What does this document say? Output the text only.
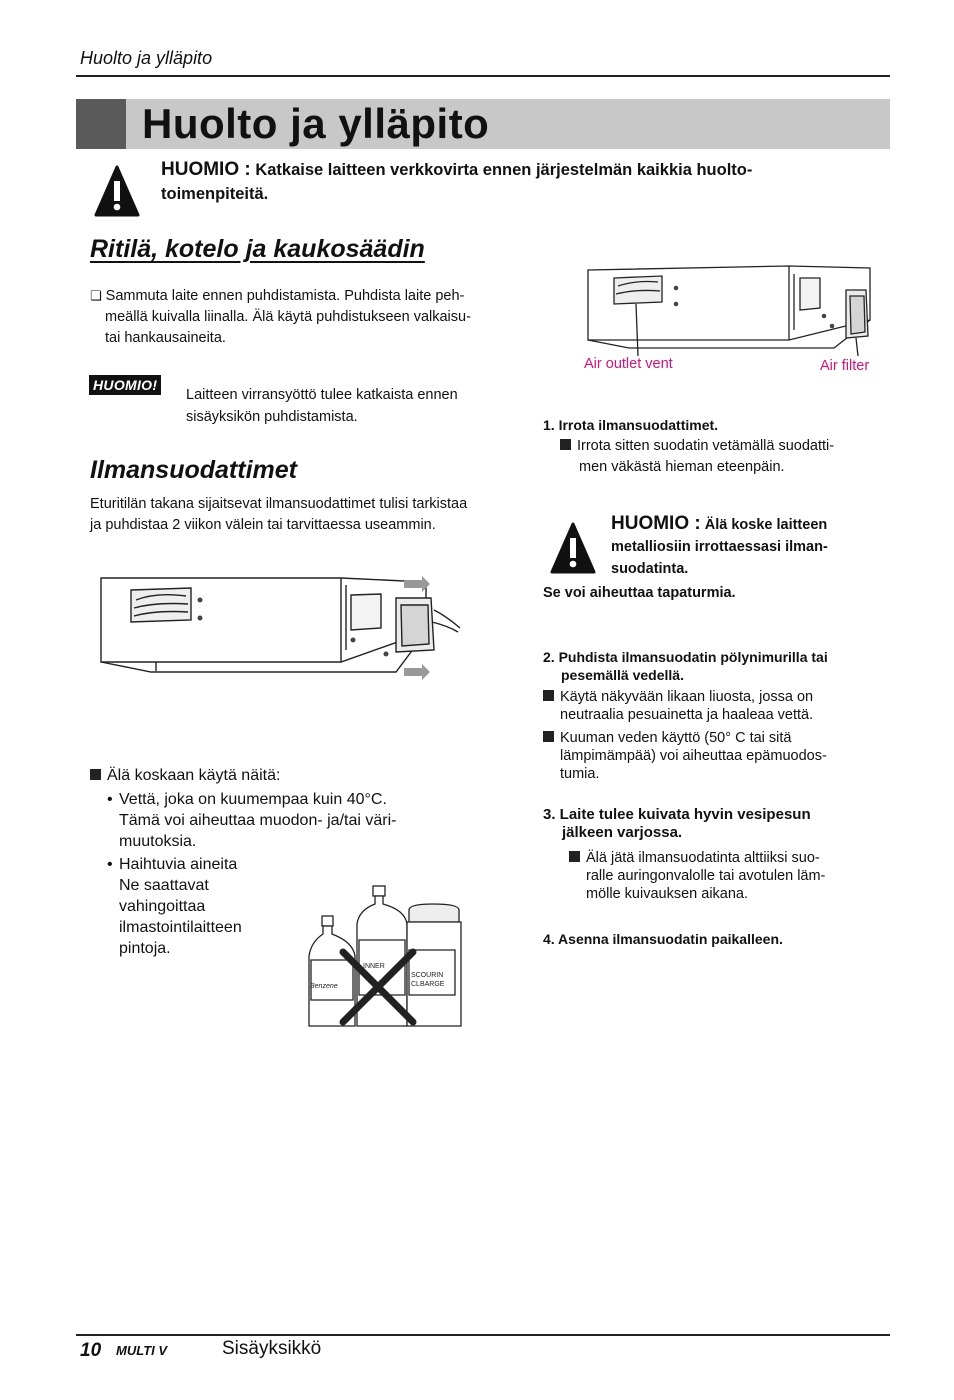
Huolto ja ylläpito
Huolto ja ylläpito
HUOMIO : Katkaise laitteen verkkovirta ennen järjestelmän kaikkia huolto-
toimenpiteitä.
Ritilä, kotelo ja kaukosäädin
❏ Sammuta laite ennen puhdistamista. Puhdista laite peh-
meällä kuivalla liinalla. Älä käytä puhdistukseen valkaisu-
tai hankausaineita.
HUOMIO!
Laitteen virransyöttö tulee katkaista ennen
sisäyksikön puhdistamista.
Ilmansuodattimet
Eturitilän takana sijaitsevat ilmansuodattimet tulisi tarkistaa
ja puhdistaa 2 viikon välein tai tarvittaessa useammin.
Air outlet vent	Air filter
Älä koskaan käytä näitä:
• Vettä, joka on kuumempaa kuin 40°C.
Tämä voi aiheuttaa muodon- ja/tai väri-
muutoksia.
• Haihtuvia aineita
Ne saattavat
vahingoittaa
ilmastointilaitteen
pintoja.
Benzene
INNER
SCOURIN
CLBARGE
1. Irrota ilmansuodattimet.
Irrota sitten suodatin vetämällä suodatti-
men väkästä hieman eteenpäin.
HUOMIO : Älä koske laitteen
metalliosiin irrottaessasi ilman-
suodatinta.
Se voi aiheuttaa tapaturmia.
2. Puhdista ilmansuodatin pölynimurilla tai
pesemällä vedellä.
Käytä näkyvään likaan liuosta, jossa on
neutraalia pesuainetta ja haaleaa vettä.
Kuuman veden käyttö (50° C tai sitä
lämpimämpää) voi aiheuttaa epämuodos-
tumia.
3. Laite tulee kuivata hyvin vesipesun
jälkeen varjossa.
Älä jätä ilmansuodatinta alttiiksi suo-
ralle auringonvalolle tai avotulen läm-
mölle kuivauksen aikana.
4. Asenna ilmansuodatin paikalleen.
10 MULTI V	Sisäyksikkö
